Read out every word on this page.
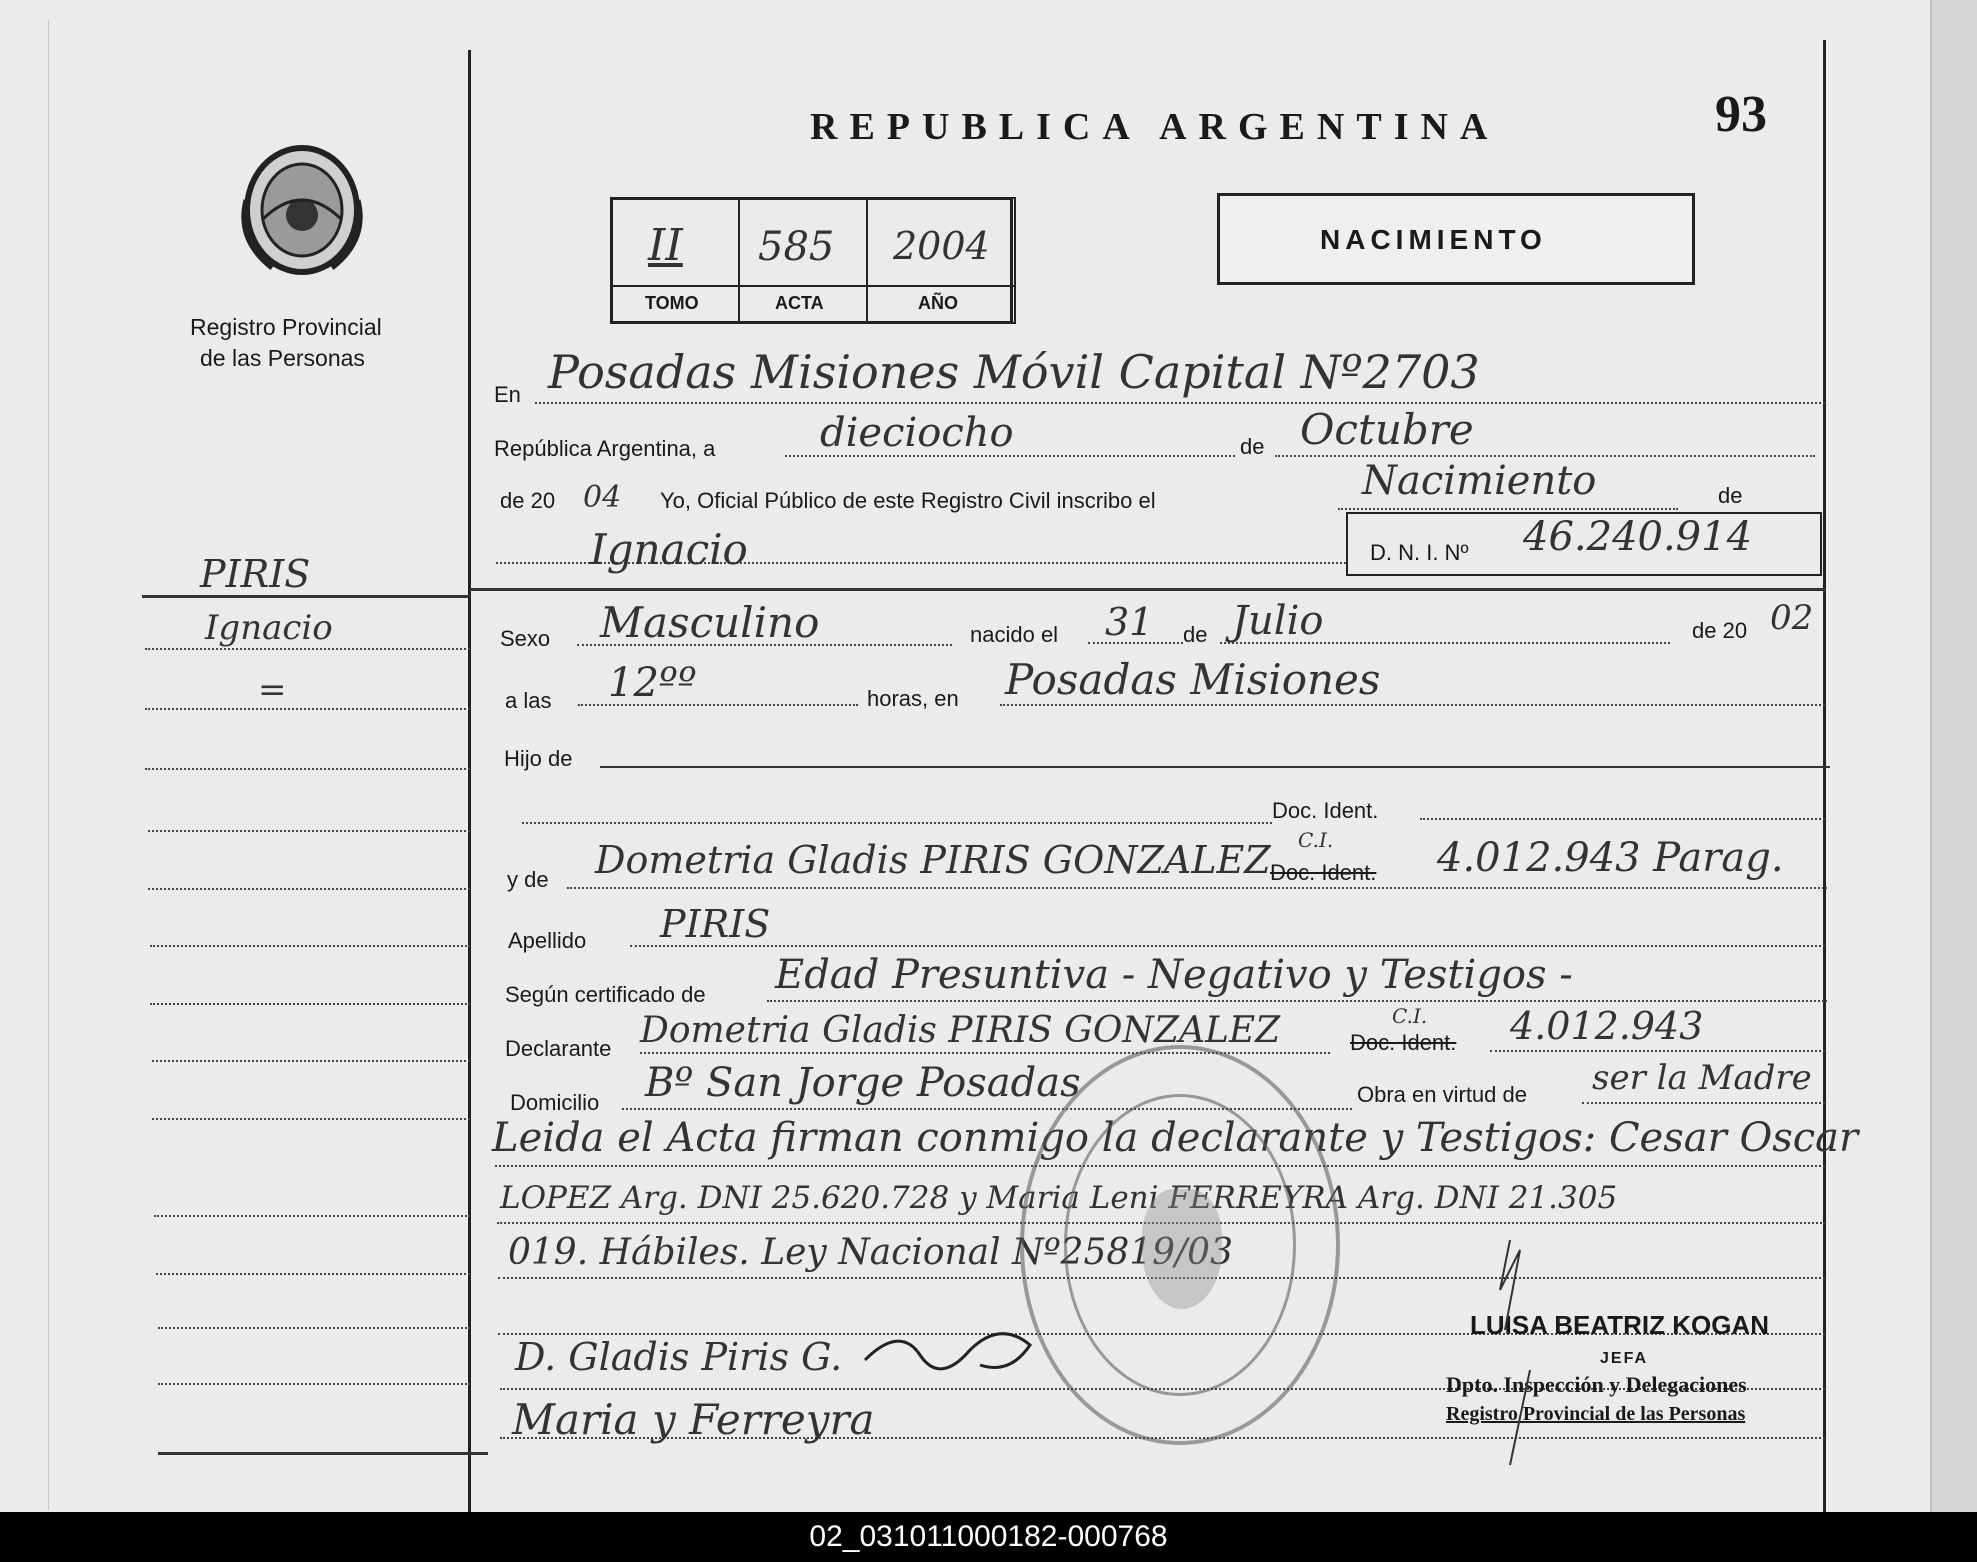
REPUBLICA ARGENTINA	93
Registro Provincial
de las Personas
PIRIS
Ignacio
=
II 585 2004
TOMO	ACTA	AÑO
NACIMIENTO
En Posadas Misiones Móvil Capital Nº2703
República Argentina, a	dieciocho	de Octubre
de 20 04 Yo, Oficial Público de este Registro Civil inscribo el	Nacimiento	de
Ignacio	D. N. I. Nº 46.240.914
Sexo Masculino	nacido el 31 de Julio	de 20 02
a las 12ºº	horas, en Posadas Misiones
Hijo de
Doc. Ident.
y de Dometria Gladis PIRIS GONZALEZ C.I.
Doc. Ident. 4.012.943 Parag.
Apellido PIRIS
Según certificado de Edad Presuntiva - Negativo y Testigos -
Declarante Dometria Gladis PIRIS GONZALEZ	C.I.
Doc. Ident. 4.012.943
Domicilio Bº San Jorge Posadas	Obra en virtud de ser la Madre
Leida el Acta firman conmigo la declarante y Testigos: Cesar Oscar
LOPEZ Arg. DNI 25.620.728 y Maria Leni FERREYRA Arg. DNI 21.305
019. Hábiles. Ley Nacional Nº25819/03
LUISA BEATRIZ KOGAN
JEFA
Dpto. Inspección y Delegaciones
Registro Provincial de las Personas
D. Gladis Piris G.
Maria y Ferreyra
02_031011000182-000768
